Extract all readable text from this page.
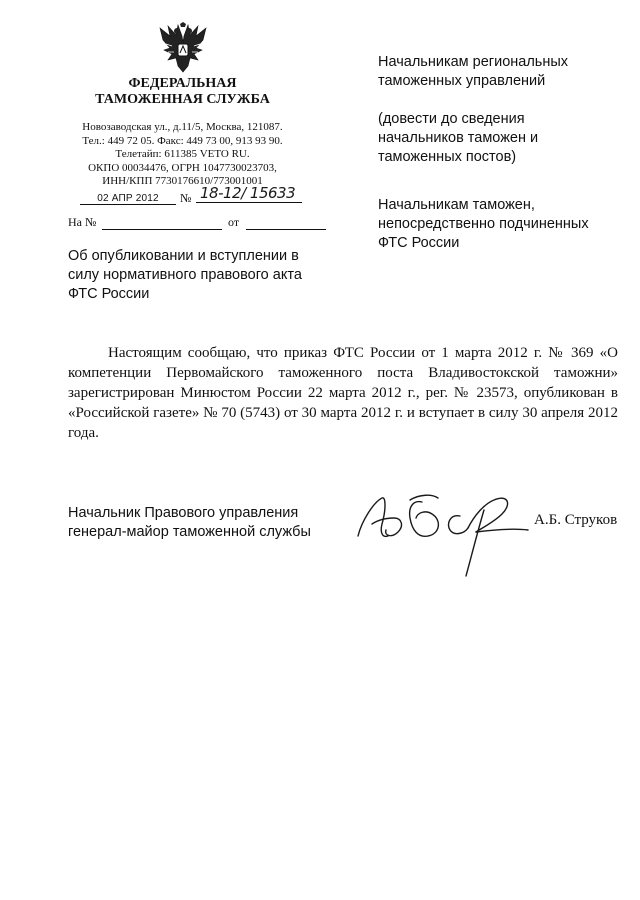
ФЕДЕРАЛЬНАЯ
ТАМОЖЕННАЯ СЛУЖБА
Новозаводская ул., д.11/5, Москва, 121087.
Тел.: 449 72 05. Факс: 449 73 00, 913 93 90.
Телетайп: 611385 VETO RU.
ОКПО 00034476, ОГРН 1047730023703,
ИНН/КПП 7730176610/773001001
02 АПР 2012	№ 18-12/ 15633
На №	от
Об опубликовании и вступлении в
силу нормативного правового акта
ФТС России
Начальникам региональных
таможенных управлений
(довести до сведения
начальников таможен и
таможенных постов)
Начальникам таможен,
непосредственно подчиненных
ФТС России
Настоящим сообщаю, что приказ ФТС России от 1 марта 2012 г. № 369 «О компетенции Первомайского таможенного поста Владивостокской таможни» зарегистрирован Минюстом России 22 марта 2012 г., рег. № 23573, опубликован в «Российской газете» № 70 (5743) от 30 марта 2012 г. и вступает в силу 30 апреля 2012 года.
Начальник Правового управления
генерал-майор таможенной службы
А.Б. Струков
